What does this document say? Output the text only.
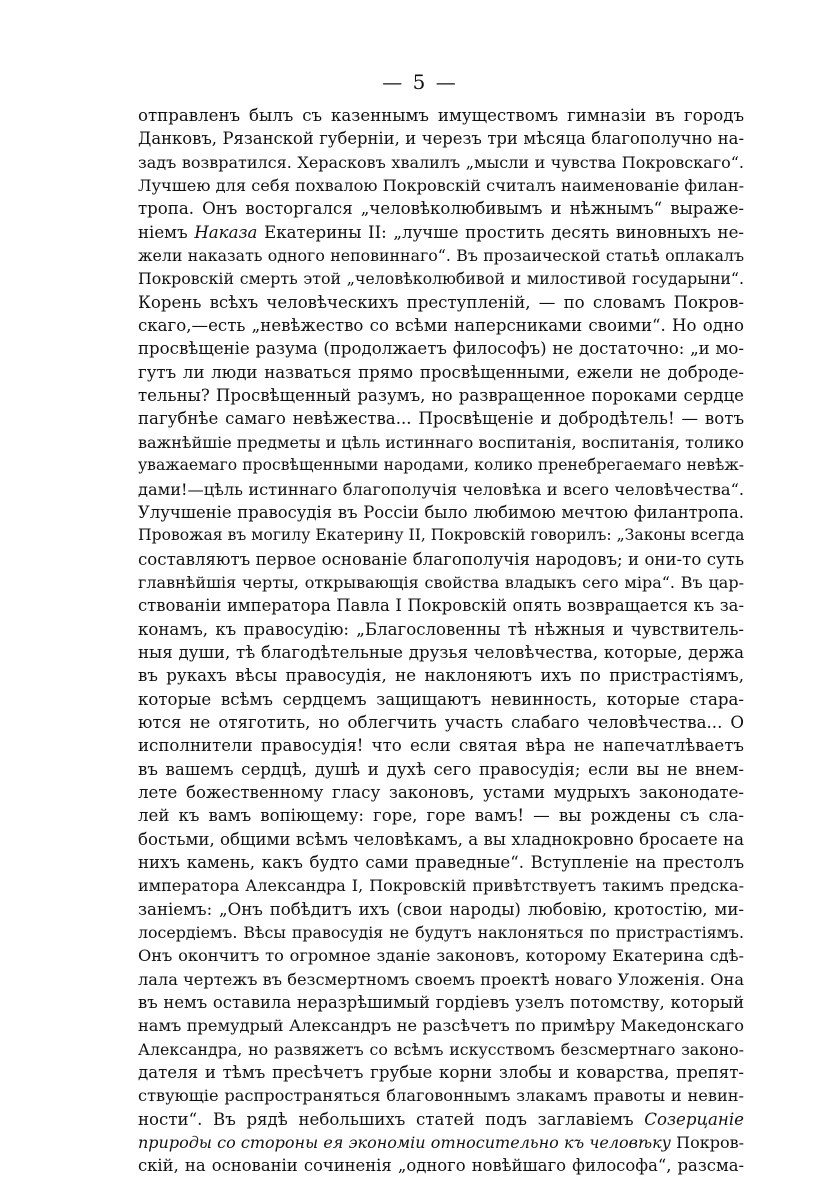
— 5 —
отправленъ былъ съ казеннымъ имуществомъ гимназіи въ городъ
Данковъ, Рязанской губерніи, и черезъ три мѣсяца благополучно на-
задъ возвратился. Херасковъ хвалилъ „мысли и чувства Покровскаго“.
Лучшею для себя похвалою Покровскій считалъ наименованіе филан-
тропа. Онъ восторгался „человѣколюбивымъ и нѣжнымъ“ выраже-
ніемъ Наказа Екатерины II: „лучше простить десять виновныхъ не-
жели наказать одного неповиннаго“. Въ прозаической статьѣ оплакалъ
Покровскій смерть этой „человѣколюбивой и милостивой государыни“.
Корень всѣхъ человѣческихъ преступленій, — по словамъ Покров-
скаго,—есть „невѣжество со всѣми наперсниками своими“. Но одно
просвѣщеніе разума (продолжаетъ философъ) не достаточно: „и мо-
гутъ ли люди назваться прямо просвѣщенными, ежели не доброде-
тельны? Просвѣщенный разумъ, но развращенное пороками сердце
пагубнѣе самаго невѣжества... Просвѣщеніе и добродѣтель! — вотъ
важнѣйшіе предметы и цѣль истиннаго воспитанія, воспитанія, толико
уважаемаго просвѣщенными народами, колико пренебрегаемаго невѣж-
дами!—цѣль истиннаго благополучія человѣка и всего человѣчества“.
Улучшеніе правосудія въ Россіи было любимою мечтою филантропа.
Провожая въ могилу Екатерину II, Покровскій говорилъ: „Законы всегда
составляютъ первое основаніе благополучія народовъ; и они-то суть
главнѣйшія черты, открывающія свойства владыкъ сего міра“. Въ цар-
ствованіи императора Павла I Покровскій опять возвращается къ за-
конамъ, къ правосудію: „Благословенны тѣ нѣжныя и чувствитель-
ныя души, тѣ благодѣтельные друзья человѣчества, которые, держа
въ рукахъ вѣсы правосудія, не наклоняютъ ихъ по пристрастіямъ,
которые всѣмъ сердцемъ защищаютъ невинность, которые стара-
ются не отяготить, но облегчить участь слабаго человѣчества... О
исполнители правосудія! что если святая вѣра не напечатлѣваетъ
въ вашемъ сердцѣ, душѣ и духѣ сего правосудія; если вы не внем-
лете божественному гласу законовъ, устами мудрыхъ законодате-
лей къ вамъ вопіющему: горе, горе вамъ! — вы рождены съ сла-
бостьми, общими всѣмъ человѣкамъ, а вы хладнокровно бросаете на
нихъ камень, какъ будто сами праведные“. Вступленіе на престолъ
императора Александра I, Покровскій привѣтствуетъ такимъ предска-
заніемъ: „Онъ побѣдитъ ихъ (свои народы) любовію, кротостію, ми-
лосердіемъ. Вѣсы правосудія не будутъ наклоняться по пристрастіямъ.
Онъ окончитъ то огромное зданіе законовъ, которому Екатерина сдѣ-
лала чертежъ въ безсмертномъ своемъ проектѣ новаго Уложенія. Она
въ немъ оставила неразрѣшимый гордіевъ узелъ потомству, который
намъ премудрый Александръ не разсѣчетъ по примѣру Македонскаго
Александра, но развяжетъ со всѣмъ искусствомъ безсмертнаго законо-
дателя и тѣмъ пресѣчетъ грубые корни злобы и коварства, препят-
ствующіе распространяться благовоннымъ злакамъ правоты и невин-
ности“. Въ рядѣ небольшихъ статей подъ заглавіемъ Созерцаніе
природы со стороны ея экономіи относительно къ человѣку Покров-
скій, на основаніи сочиненія „одного новѣйшаго философа“, разсма-
